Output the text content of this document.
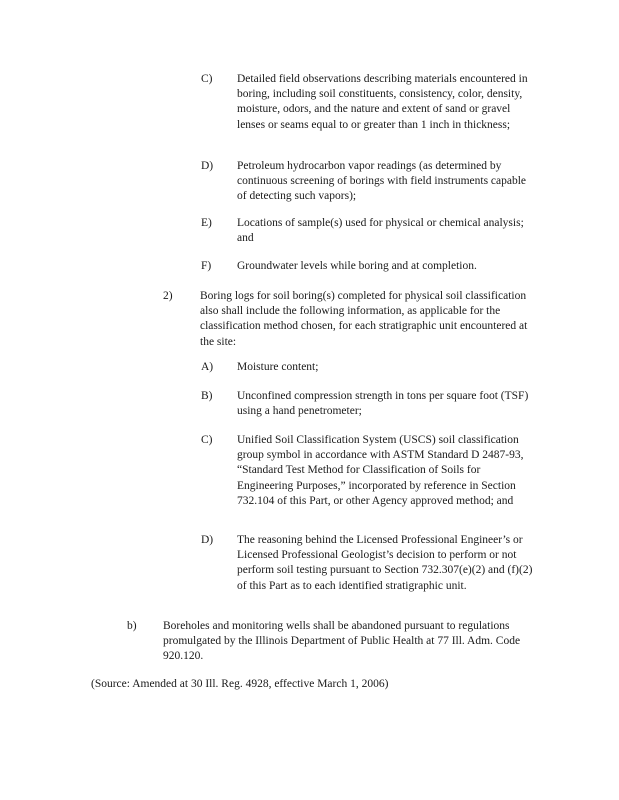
C) Detailed field observations describing materials encountered in boring, including soil constituents, consistency, color, density, moisture, odors, and the nature and extent of sand or gravel lenses or seams equal to or greater than 1 inch in thickness;
D) Petroleum hydrocarbon vapor readings (as determined by continuous screening of borings with field instruments capable of detecting such vapors);
E) Locations of sample(s) used for physical or chemical analysis; and
F) Groundwater levels while boring and at completion.
2) Boring logs for soil boring(s) completed for physical soil classification also shall include the following information, as applicable for the classification method chosen, for each stratigraphic unit encountered at the site:
A) Moisture content;
B) Unconfined compression strength in tons per square foot (TSF) using a hand penetrometer;
C) Unified Soil Classification System (USCS) soil classification group symbol in accordance with ASTM Standard D 2487-93, “Standard Test Method for Classification of Soils for Engineering Purposes,” incorporated by reference in Section 732.104 of this Part, or other Agency approved method; and
D) The reasoning behind the Licensed Professional Engineer’s or Licensed Professional Geologist’s decision to perform or not perform soil testing pursuant to Section 732.307(e)(2) and (f)(2) of this Part as to each identified stratigraphic unit.
b) Boreholes and monitoring wells shall be abandoned pursuant to regulations promulgated by the Illinois Department of Public Health at 77 Ill. Adm. Code 920.120.
(Source: Amended at 30 Ill. Reg. 4928, effective March 1, 2006)
